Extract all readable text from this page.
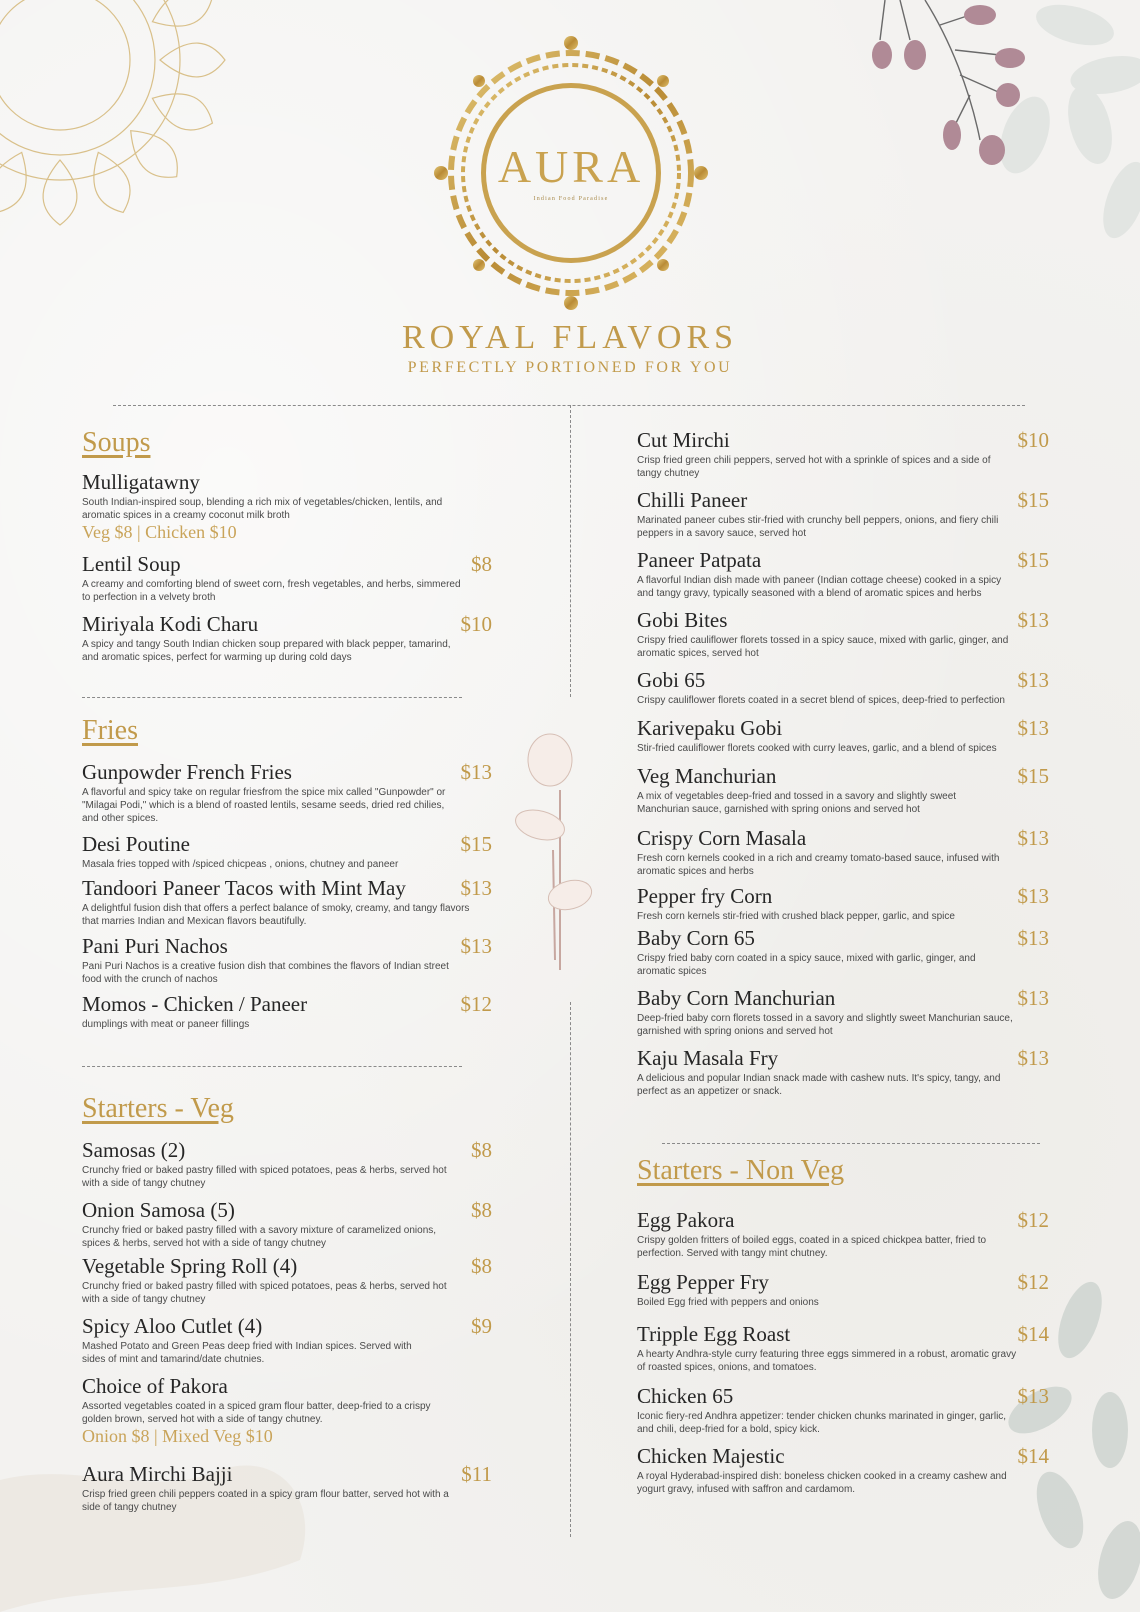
AURA
Indian Food Paradise
ROYAL FLAVORS
PERFECTLY PORTIONED FOR YOU
Soups
Mulligatawny
South Indian-inspired soup, blending a rich mix of vegetables/chicken, lentils, and aromatic spices in a creamy coconut milk broth
Veg $8 | Chicken $10
Lentil Soup	$8
A creamy and comforting blend of sweet corn, fresh vegetables, and herbs, simmered to perfection in a velvety broth
Miriyala Kodi Charu	$10
A spicy and tangy South Indian chicken soup prepared with black pepper, tamarind, and aromatic spices, perfect for warming up during cold days
Fries
Gunpowder French Fries	$13
A flavorful and spicy take on regular friesfrom the spice mix called "Gunpowder" or "Milagai Podi," which is a blend of roasted lentils, sesame seeds, dried red chilies, and other spices.
Desi Poutine	$15
Masala fries topped with /spiced chicpeas , onions, chutney and paneer
Tandoori Paneer Tacos with Mint May	$13
A delightful fusion dish that offers a perfect balance of smoky, creamy, and tangy flavors that marries Indian and Mexican flavors beautifully.
Pani Puri Nachos	$13
Pani Puri Nachos is a creative fusion dish that combines the flavors of Indian street food with the crunch of nachos
Momos - Chicken / Paneer	$12
dumplings with meat or paneer fillings
Starters - Veg
Samosas (2)	$8
Crunchy fried or baked pastry filled with spiced potatoes, peas & herbs, served hot with a side of tangy chutney
Onion Samosa (5)	$8
Crunchy fried or baked pastry filled with a savory mixture of caramelized onions, spices & herbs, served hot with a side of tangy chutney
Vegetable Spring Roll (4)	$8
Crunchy fried or baked pastry filled with spiced potatoes, peas & herbs, served hot with a side of tangy chutney
Spicy Aloo Cutlet (4)	$9
Mashed Potato and Green Peas deep fried with Indian spices. Served with sides of mint and tamarind/date chutnies.
Choice of Pakora
Assorted vegetables coated in a spiced gram flour batter, deep-fried to a crispy golden brown, served hot with a side of tangy chutney.
Onion $8 | Mixed Veg $10
Aura Mirchi Bajji	$11
Crisp fried green chili peppers coated in a spicy gram flour batter, served hot with a side of tangy chutney
Cut Mirchi	$10
Crisp fried green chili peppers, served hot with a sprinkle of spices and a side of tangy chutney
Chilli Paneer	$15
Marinated paneer cubes stir-fried with crunchy bell peppers, onions, and fiery chili peppers in a savory sauce, served hot
Paneer Patpata	$15
A flavorful Indian dish made with paneer (Indian cottage cheese) cooked in a spicy and tangy gravy, typically seasoned with a blend of aromatic spices and herbs
Gobi Bites	$13
Crispy fried cauliflower florets tossed in a spicy sauce, mixed with garlic, ginger, and aromatic spices, served hot
Gobi 65	$13
Crispy cauliflower florets coated in a secret blend of spices, deep-fried to perfection
Karivepaku Gobi	$13
Stir-fried cauliflower florets cooked with curry leaves, garlic, and a blend of spices
Veg Manchurian	$15
A mix of vegetables deep-fried and tossed in a savory and slightly sweet Manchurian sauce, garnished with spring onions and served hot
Crispy Corn Masala	$13
Fresh corn kernels cooked in a rich and creamy tomato-based sauce, infused with aromatic spices and herbs
Pepper fry Corn	$13
Fresh corn kernels stir-fried with crushed black pepper, garlic, and spice
Baby Corn 65	$13
Crispy fried baby corn coated in a spicy sauce, mixed with garlic, ginger, and aromatic spices
Baby Corn Manchurian	$13
Deep-fried baby corn florets tossed in a savory and slightly sweet Manchurian sauce, garnished with spring onions and served hot
Kaju Masala Fry	$13
A delicious and popular Indian snack made with cashew nuts. It's spicy, tangy, and perfect as an appetizer or snack.
Starters - Non Veg
Egg Pakora	$12
Crispy golden fritters of boiled eggs, coated in a spiced chickpea batter, fried to perfection. Served with tangy mint chutney.
Egg Pepper Fry	$12
Boiled Egg fried with peppers and onions
Tripple Egg Roast	$14
A hearty Andhra-style curry featuring three eggs simmered in a robust, aromatic gravy of roasted spices, onions, and tomatoes.
Chicken 65	$13
Iconic fiery-red Andhra appetizer: tender chicken chunks marinated in ginger, garlic, and chili, deep-fried for a bold, spicy kick.
Chicken Majestic	$14
A royal Hyderabad-inspired dish: boneless chicken cooked in a creamy cashew and yogurt gravy, infused with saffron and cardamom.
